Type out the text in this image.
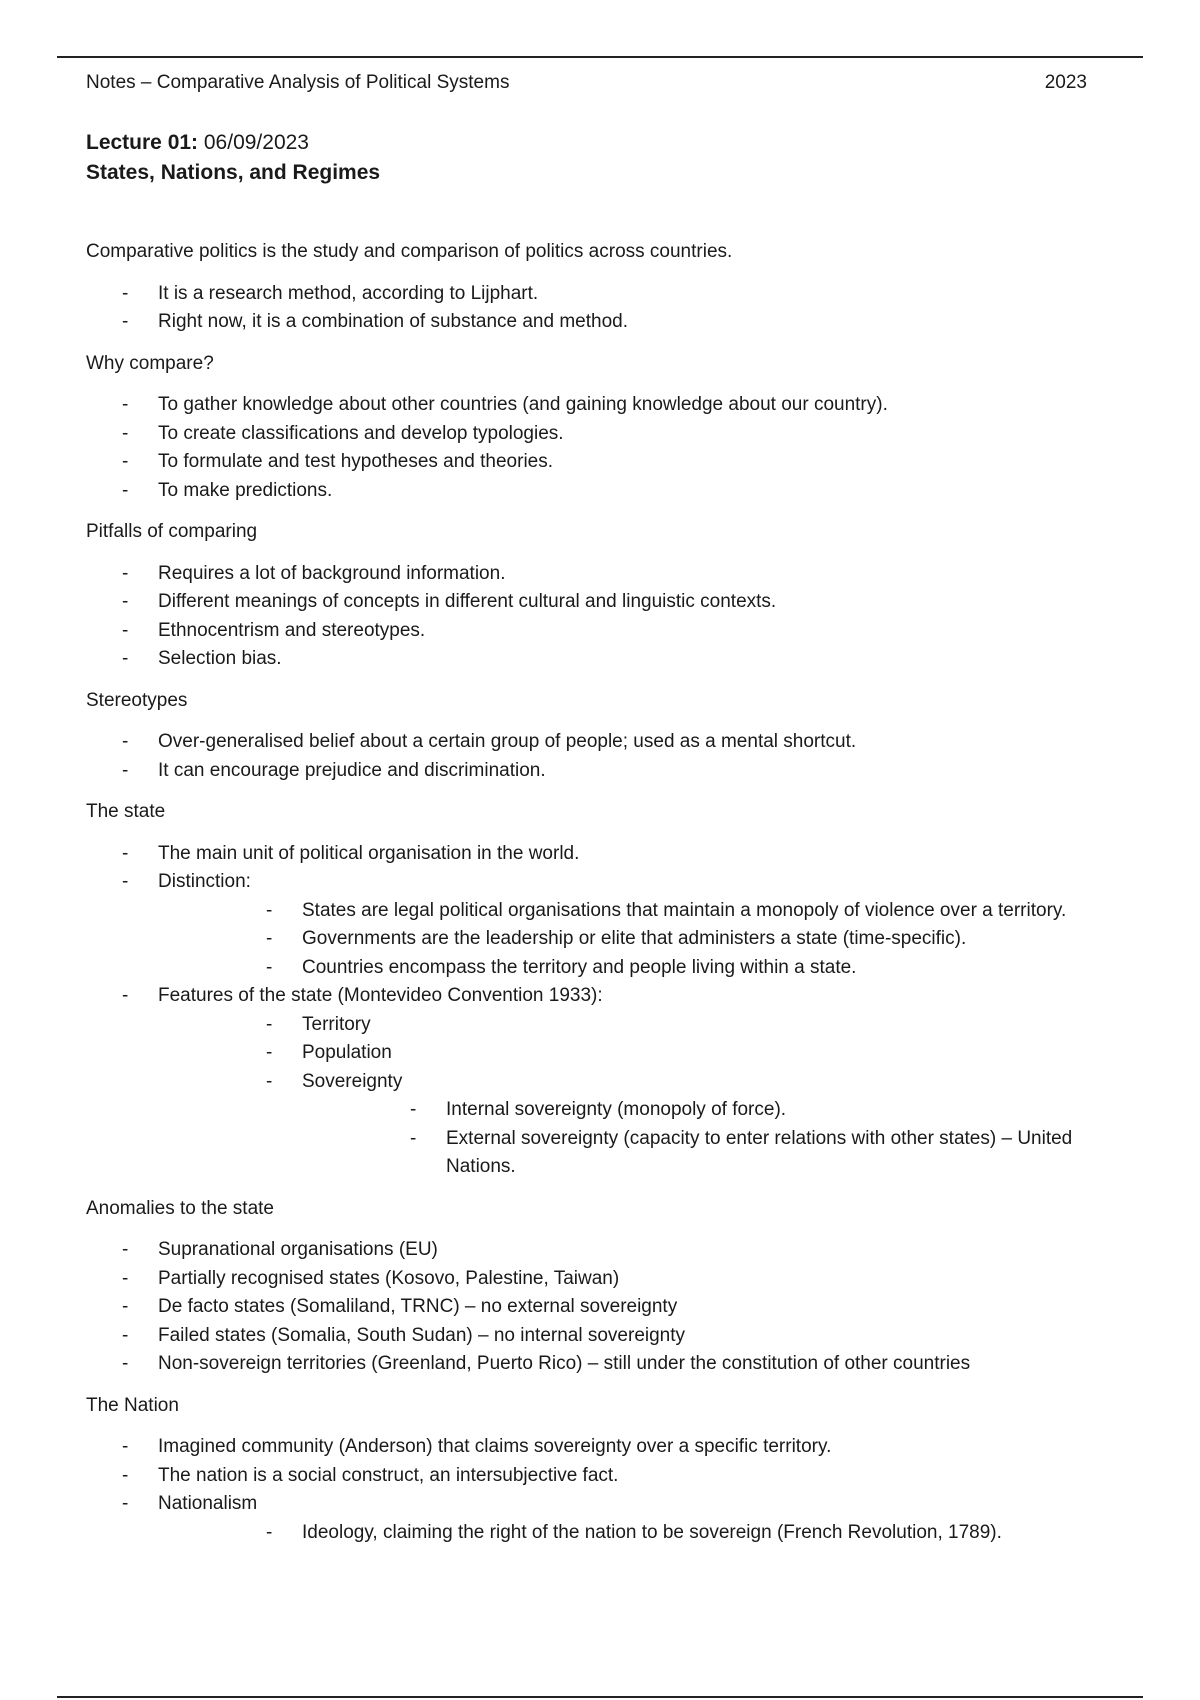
Notes – Comparative Analysis of Political Systems	2023
Lecture 01: 06/09/2023
States, Nations, and Regimes

Comparative politics is the study and comparison of politics across countries.

- It is a research method, according to Lijphart.
- Right now, it is a combination of substance and method.

Why compare?

- To gather knowledge about other countries (and gaining knowledge about our country).
- To create classifications and develop typologies.
- To formulate and test hypotheses and theories.
- To make predictions.

Pitfalls of comparing

- Requires a lot of background information.
- Different meanings of concepts in different cultural and linguistic contexts.
- Ethnocentrism and stereotypes.
- Selection bias.

Stereotypes

- Over-generalised belief about a certain group of people; used as a mental shortcut.
- It can encourage prejudice and discrimination.

The state

- The main unit of political organisation in the world.
- Distinction:
- States are legal political organisations that maintain a monopoly of violence over a territory.
- Governments are the leadership or elite that administers a state (time-specific).
- Countries encompass the territory and people living within a state.
- Features of the state (Montevideo Convention 1933):
- Territory
- Population
- Sovereignty
- Internal sovereignty (monopoly of force).
- External sovereignty (capacity to enter relations with other states) – United Nations.

Anomalies to the state

- Supranational organisations (EU)
- Partially recognised states (Kosovo, Palestine, Taiwan)
- De facto states (Somaliland, TRNC) – no external sovereignty
- Failed states (Somalia, South Sudan) – no internal sovereignty
- Non-sovereign territories (Greenland, Puerto Rico) – still under the constitution of other countries

The Nation

- Imagined community (Anderson) that claims sovereignty over a specific territory.
- The nation is a social construct, an intersubjective fact.
- Nationalism
- Ideology, claiming the right of the nation to be sovereign (French Revolution, 1789).
